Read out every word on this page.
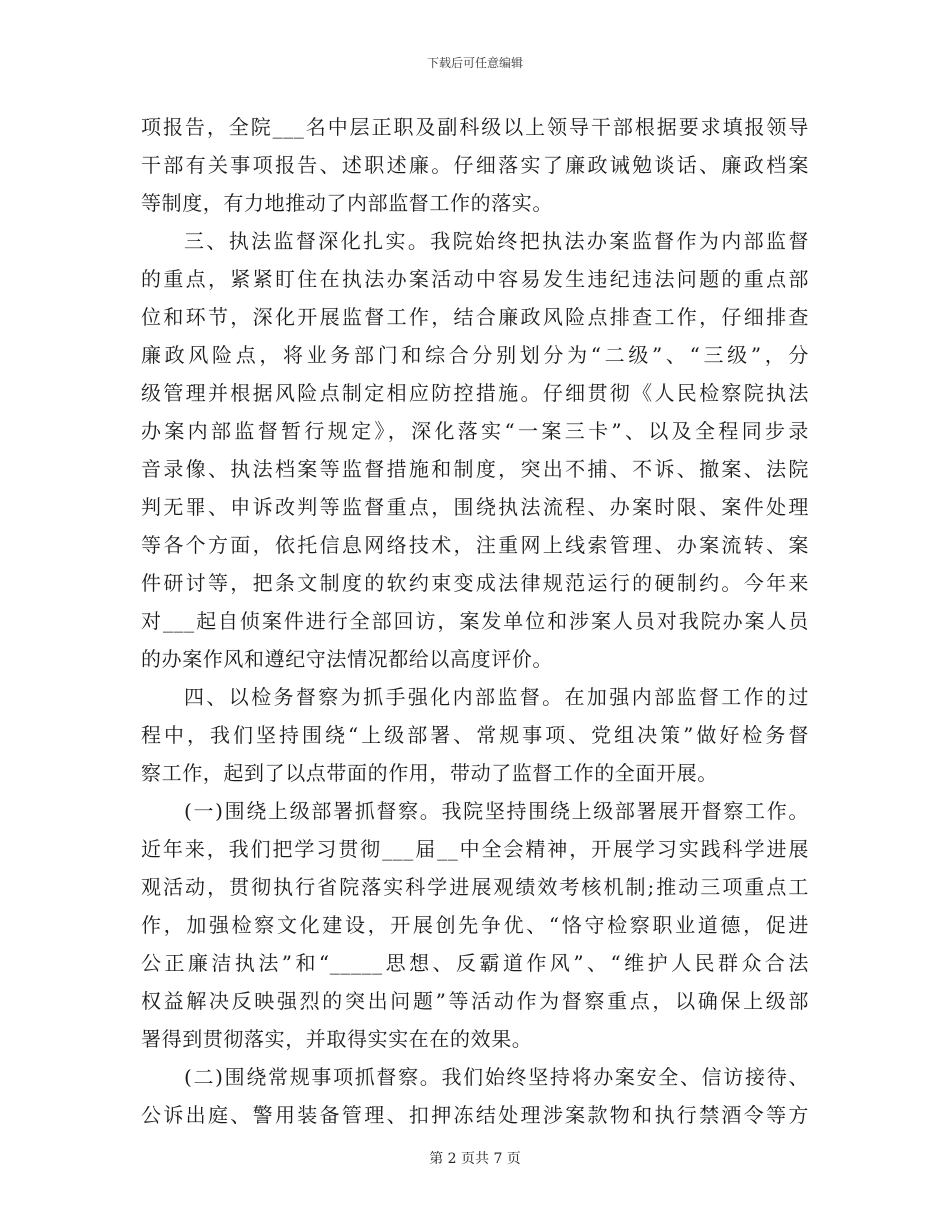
下载后可任意编辑
项报告，全院___名中层正职及副科级以上领导干部根据要求填报领导
干部有关事项报告、述职述廉。仔细落实了廉政诫勉谈话、廉政档案
等制度，有力地推动了内部监督工作的落实。
三、执法监督深化扎实。我院始终把执法办案监督作为内部监督
的重点，紧紧盯住在执法办案活动中容易发生违纪违法问题的重点部
位和环节，深化开展监督工作，结合廉政风险点排查工作，仔细排查
廉政风险点，将业务部门和综合分别划分为“二级”、“三级”，分
级管理并根据风险点制定相应防控措施。仔细贯彻《人民检察院执法
办案内部监督暂行规定》，深化落实“一案三卡”、以及全程同步录
音录像、执法档案等监督措施和制度，突出不捕、不诉、撤案、法院
判无罪、申诉改判等监督重点，围绕执法流程、办案时限、案件处理
等各个方面，依托信息网络技术，注重网上线索管理、办案流转、案
件研讨等，把条文制度的软约束变成法律规范运行的硬制约。今年来
对___起自侦案件进行全部回访，案发单位和涉案人员对我院办案人员
的办案作风和遵纪守法情况都给以高度评价。
四、以检务督察为抓手强化内部监督。在加强内部监督工作的过
程中，我们坚持围绕“上级部署、常规事项、党组决策”做好检务督
察工作，起到了以点带面的作用，带动了监督工作的全面开展。
(一)围绕上级部署抓督察。我院坚持围绕上级部署展开督察工作。
近年来，我们把学习贯彻___届__中全会精神，开展学习实践科学进展
观活动，贯彻执行省院落实科学进展观绩效考核机制;推动三项重点工
作，加强检察文化建设，开展创先争优、“恪守检察职业道德，促进
公正廉洁执法”和“_____思想、反霸道作风”、“维护人民群众合法
权益解决反映强烈的突出问题”等活动作为督察重点，以确保上级部
署得到贯彻落实，并取得实实在在的效果。
(二)围绕常规事项抓督察。我们始终坚持将办案安全、信访接待、
公诉出庭、警用装备管理、扣押冻结处理涉案款物和执行禁酒令等方
第 2 页共 7 页
